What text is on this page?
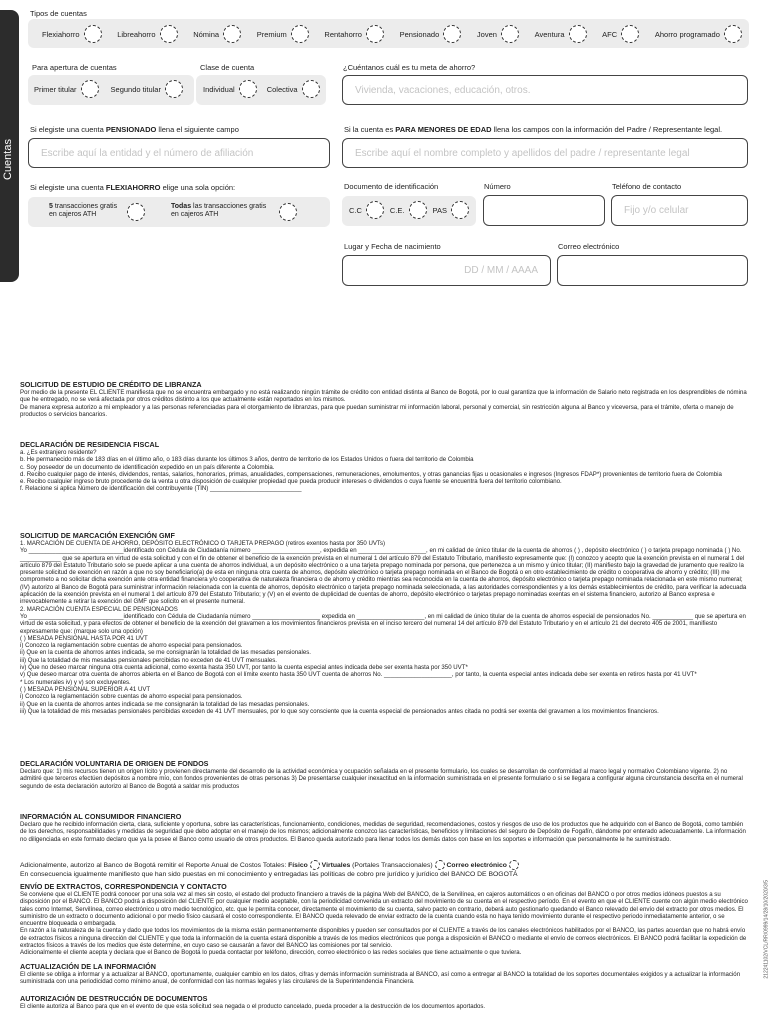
Cuentas
Tipos de cuentas
Flexiahorro	Libreahorro	Nómina	Premium	Rentahorro	Pensionado	Joven	Aventura	AFC	Ahorro programado
Para apertura de cuentas
Primer titular	Segundo titular
Clase de cuenta
Individual	Colectiva
¿Cuéntanos cuál es tu meta de ahorro?
Vivienda, vacaciones, educación, otros.
Si elegiste una cuenta PENSIONADO llena el siguiente campo
Escribe aquí la entidad y el número de afiliación
Si la cuenta es PARA MENORES DE EDAD llena los campos con la información del Padre / Representante legal.
Escribe aquí el nombre completo y apellidos del padre / representante legal
Si elegiste una cuenta FLEXIAHORRO elige una sola opción:
5 transacciones gratis
en cajeros ATH
Todas las transacciones gratis
en cajeros ATH
Documento de identificación
C.C	C.E.	PAS
Número	Teléfono de contacto
Fijo y/o celular
Lugar y Fecha de nacimiento
DD / MM / AAAA
Correo electrónico
SOLICITUD DE ESTUDIO DE CRÉDITO DE LIBRANZA
Por medio de la presente EL CLIENTE manifiesta que no se encuentra embargado y no está realizando ningún trámite de crédito con entidad distinta al Banco de Bogotá, por lo cual garantiza que la información de Salario neto registrada en los desprendibles de nómina que he entregado, no se verá afectada por otros créditos distinto a los que actualmente están reportados en los mismos.
De manera expresa autorizo a mi empleador y a las personas referenciadas para el otorgamiento de libranzas, para que puedan suministrar mi información laboral, personal y comercial, sin restricción alguna al Banco y viceversa, para el trámite, oferta o manejo de productos o servicios bancarios.
DECLARACIÓN DE RESIDENCIA FISCAL
a. ¿Es extranjero residente?
b. He permanecido más de 183 días en el último año, o 183 días durante los últimos 3 años, dentro de territorio de los Estados Unidos o fuera del territorio de Colombia
c. Soy poseedor de un documento de identificación expedido en un país diferente a Colombia.
d. Recibo cualquier pago de interés, dividendos, rentas, salarios, honorarios, primas, anualidades, compensaciones, remuneraciones, emolumentos, y otras ganancias fijas u ocasionales e ingresos (Ingresos FDAP*) provenientes de territorio fuera de Colombia
e. Recibo cualquier ingreso bruto procedente de la venta u otra disposición de cualquier propiedad que pueda producir intereses o dividendos o cuya fuente se encuentra fuera del territorio colombiano.
f. Relacione si aplica Número de identificación del contribuyente (TIN) ___________________________
SOLICITUD DE MARCACIÓN EXENCIÓN GMF
1. MARCACIÓN DE CUENTA DE AHORRO, DEPÓSITO ELECTRÓNICO O TARJETA PREPAGO (retiros exentos hasta por 350 UVTs)
Yo ____________________________identificado con Cédula de Ciudadanía número ____________________, expedida en ____________________, en mi calidad de único titular de la cuenta de ahorros ( ) , depósito electrónico ( ) o tarjeta prepago nominada ( ) No. ____________ que se apertura en virtud de esta solicitud y con el fin de obtener el beneficio de la exención prevista en el numeral 1 del artículo 879 del Estatuto Tributario, manifiesto expresamente que: (I) conozco y acepto que la exención prevista en el numeral 1 del artículo 879 del Estatuto Tributario solo se puede aplicar a una cuenta de ahorros individual, a un depósito electrónico o a una tarjeta prepago nominada por persona, que pertenezca a un mismo y único titular; (II) manifiesto bajo la gravedad de juramento que realizo la presente solicitud de exención en razón a que no soy beneficiario(a) de esta en ninguna otra cuenta de ahorros, depósito electrónico o tarjeta prepago nominada en el Banco de Bogotá o en otro establecimiento de crédito o cooperativa de ahorro y crédito; (III) me comprometo a no solicitar dicha exención ante otra entidad financiera y/o cooperativa de naturaleza financiera o de ahorro y crédito mientras sea reconocida en la cuenta de ahorros, depósito electrónico o tarjeta prepago nominada relacionada en este mismo numeral; (IV) autorizo al Banco de Bogotá para suministrar información relacionada con la cuenta de ahorros, depósito electrónico o tarjeta prepago nominada seleccionada, a las autoridades correspondientes y a los demás establecimientos de crédito, para verificar la adecuada aplicación de la exención prevista en el numeral 1 del artículo 879 del Estatuto Tributario; y (V) en el evento de duplicidad de cuentas de ahorro, depósito electrónico o tarjetas prepago nominadas exentas en el sistema financiero, autorizo al Banco expresa e irrevocablemente a retirar la exención del GMF que solicito en el presente numeral.
2. MARCACIÓN CUENTA ESPECIAL DE PENSIONADOS
Yo ____________________________identificado con Cédula de Ciudadanía número ____________________ expedida en ____________________, en mi calidad de único titular de la cuenta de ahorros especial de pensionados No. ____________ que se apertura en virtud de esta solicitud, y para efectos de obtener el beneficio de la exención del gravamen a los movimientos financieros prevista en el inciso tercero del numeral 14 del artículo 879 del Estatuto Tributario y en el artículo 21 del decreto 405 de 2001, manifiesto expresamente que: (marque solo una opción)
( ) MESADA PENSIONAL HASTA POR 41 UVT
i) Conozco la reglamentación sobre cuentas de ahorro especial para pensionados.
ii) Que en la cuenta de ahorros antes indicada, se me consignarán la totalidad de las mesadas pensionales.
iii) Que la totalidad de mis mesadas pensionales percibidas no exceden de 41 UVT mensuales.
iv) Que no deseo marcar ninguna otra cuenta adicional, como exenta hasta 350 UVT, por tanto la cuenta especial antes indicada debe ser exenta hasta por 350 UVT*
v) Que deseo marcar otra cuenta de ahorros abierta en el Banco de Bogotá con el límite exento hasta 350 UVT cuenta de ahorros No. ____________________, por tanto, la cuenta especial antes indicada debe ser exenta en retiros hasta por 41 UVT*
* Los numerales iv) y v) son excluyentes.
( ) MESADA PENSIONAL SUPERIOR A 41 UVT
i) Conozco la reglamentación sobre cuentas de ahorro especial para pensionados.
ii) Que en la cuenta de ahorros antes indicada se me consignarán la totalidad de las mesadas pensionales.
iii) Que la totalidad de mis mesadas pensionales percibidas exceden de 41 UVT mensuales, por lo que soy consciente que la cuenta especial de pensionados antes citada no podrá ser exenta del gravamen a los movimientos financieros.
DECLARACIÓN VOLUNTARIA DE ORIGEN DE FONDOS
Declaro que: 1) mis recursos tienen un origen lícito y provienen directamente del desarrollo de la actividad económica y ocupación señalada en el presente formulario, los cuales se desarrollan de conformidad al marco legal y normativo Colombiano vigente. 2) no admitiré que terceros efectúen depósitos a nombre mío, con fondos provenientes de otras personas 3) De presentarse cualquier inexactitud en la información suministrada en el presente formulario o si se llegara a configurar alguna circunstancia descrita en el numeral segundo de esta declaración autorizo al Banco de Bogotá a saldar mis productos
INFORMACIÓN AL CONSUMIDOR FINANCIERO
Declaro que he recibido información cierta, clara, suficiente y oportuna, sobre las características, funcionamiento, condiciones, medidas de seguridad, recomendaciones, costos y riesgos de uso de los productos que he adquirido con el Banco de Bogotá, como también de los derechos, responsabilidades y medidas de seguridad que debo adoptar en el manejo de los mismos; adicionalmente conozco las características, beneficios y limitaciones del seguro de Depósito de Fogafín, dándome por enterado adecuadamente. La información no diligenciada en este formato declaro que ya la posee el Banco como usuario de otros productos. El Banco queda autorizado para llenar todos los demás datos con base en los soportes e información que personalmente le he suministrado.
Adicionalmente, autorizo al Banco de Bogotá remitir el Reporte Anual de Costos Totales: Físico Virtuales (Portales Transaccionales) Correo electrónico
En consecuencia igualmente manifiesto que han sido puestas en mi conocimiento y entregadas las políticas de cobro pre jurídico y jurídico del BANCO DE BOGOTÁ
ENVÍO DE EXTRACTOS, CORRESPONDENCIA Y CONTACTO
Se conviene que el CLIENTE podrá conocer por una sola vez al mes sin costo, el estado del producto financiero a través de la página Web del BANCO, de la Servilínea, en cajeros automáticos o en oficinas del BANCO o por otros medios idóneos puestos a su disposición por el BANCO. El BANCO podrá a disposición del CLIENTE por cualquier medio aceptable, con la periodicidad convenida un extracto del movimiento de su cuenta en el respectivo período. En el evento en que el CLIENTE cuente con algún medio electrónico tales como Internet, Servilínea, correo electrónico u otro medio tecnológico, etc. que le permita conocer, directamente el movimiento de su cuenta, salvo pacto en contrario, deberá auto gestionarlo quedando el Banco relevado del envío del extracto por otros medios. El suministro de un extracto o documento adicional o por medio físico causará el costo correspondiente. El BANCO queda relevado de enviar extracto de la cuenta cuando esta no haya tenido movimiento durante el respectivo periodo inmediatamente anterior, o se encuentre bloqueada o embargada.
En razón a la naturaleza de la cuenta y dado que todos los movimientos de la misma están permanentemente disponibles y pueden ser consultados por el CLIENTE a través de los canales electrónicos habilitados por el BANCO, las partes acuerdan que no habrá envío de extractos físicos a ninguna dirección del CLIENTE y que toda la información de la cuenta estará disponible a través de los medios electrónicos que ponga a disposición el BANCO o mediante el envío de correos electrónicos. El BANCO podrá facilitar la expedición de extractos físicos a través de los medios que éste determine, en cuyo caso se causarán a favor del BANCO las comisiones por tal servicio.
Adicionalmente el cliente acepta y declara que el Banco de Bogotá lo pueda contactar por teléfono, dirección, correo electrónico o las redes sociales que tiene actualmente o que tuviera.
ACTUALIZACIÓN DE LA INFORMACIÓN
El cliente se obliga a informar y a actualizar al BANCO, oportunamente, cualquier cambio en los datos, cifras y demás información suministrada al BANCO, así como a entregar al BANCO la totalidad de los soportes documentales exigidos y a actualizar la información suministrada con una periodicidad como mínimo anual, de conformidad con las normas legales y las circulares de la Superintendencia Financiera.
AUTORIZACIÓN DE DESTRUCCIÓN DE DOCUMENTOS
El cliente autoriza al Banco para que en el evento de que esta solicitud sea negada o el producto cancelado, pueda proceder a la destrucción de los documentos aportados.
212241102/VCL/RR/0999/14/28/10/2020/3/5
